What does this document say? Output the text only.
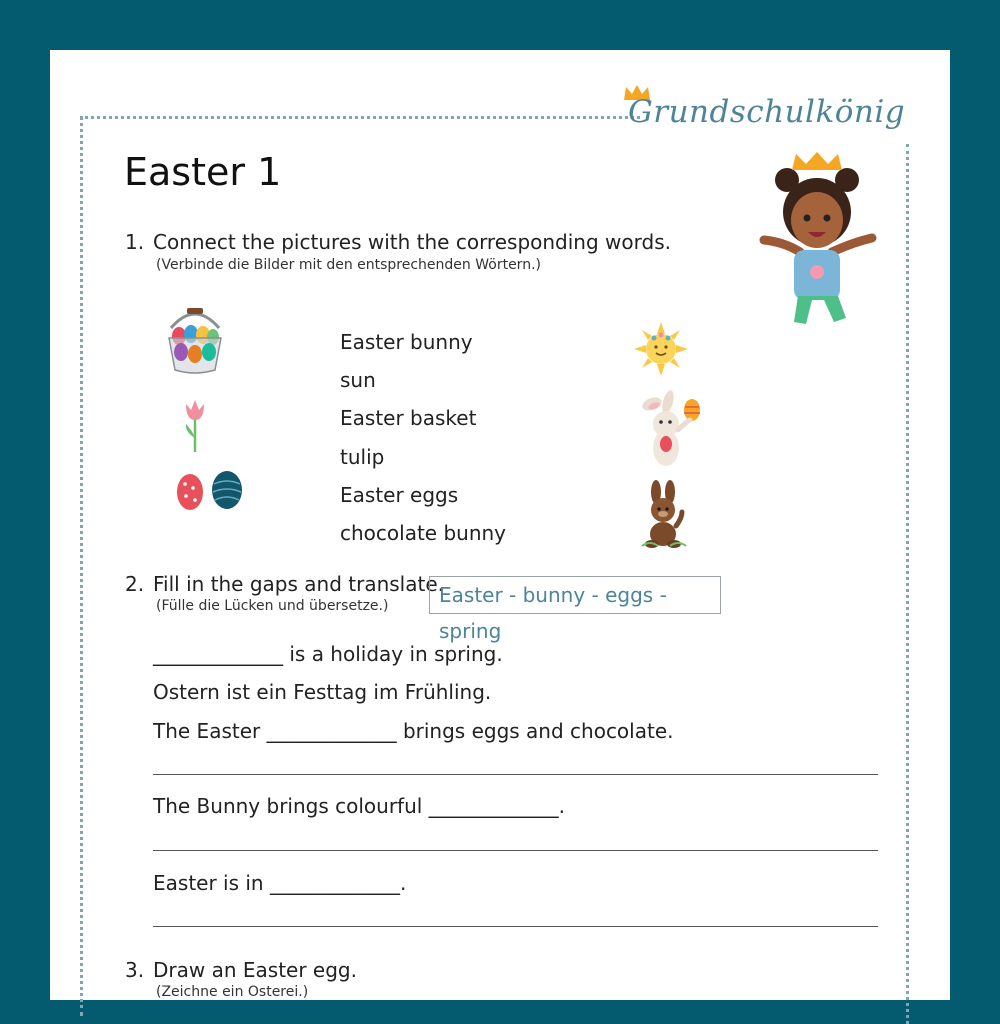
Grundschulkönig
Easter 1
1. Connect the pictures with the corresponding words.
(Verbinde die Bilder mit den entsprechenden Wörtern.)
Easter bunny
sun
Easter basket
tulip
Easter eggs
chocolate bunny
2. Fill in the gaps and translate.
(Fülle die Lücken und übersetze.)	Easter - bunny - eggs - spring
_____________ is a holiday in spring.
Ostern ist ein Festtag im Frühling.
The Easter _____________ brings eggs and chocolate.
The Bunny brings colourful _____________.
Easter is in _____________.
3. Draw an Easter egg.
(Zeichne ein Osterei.)
